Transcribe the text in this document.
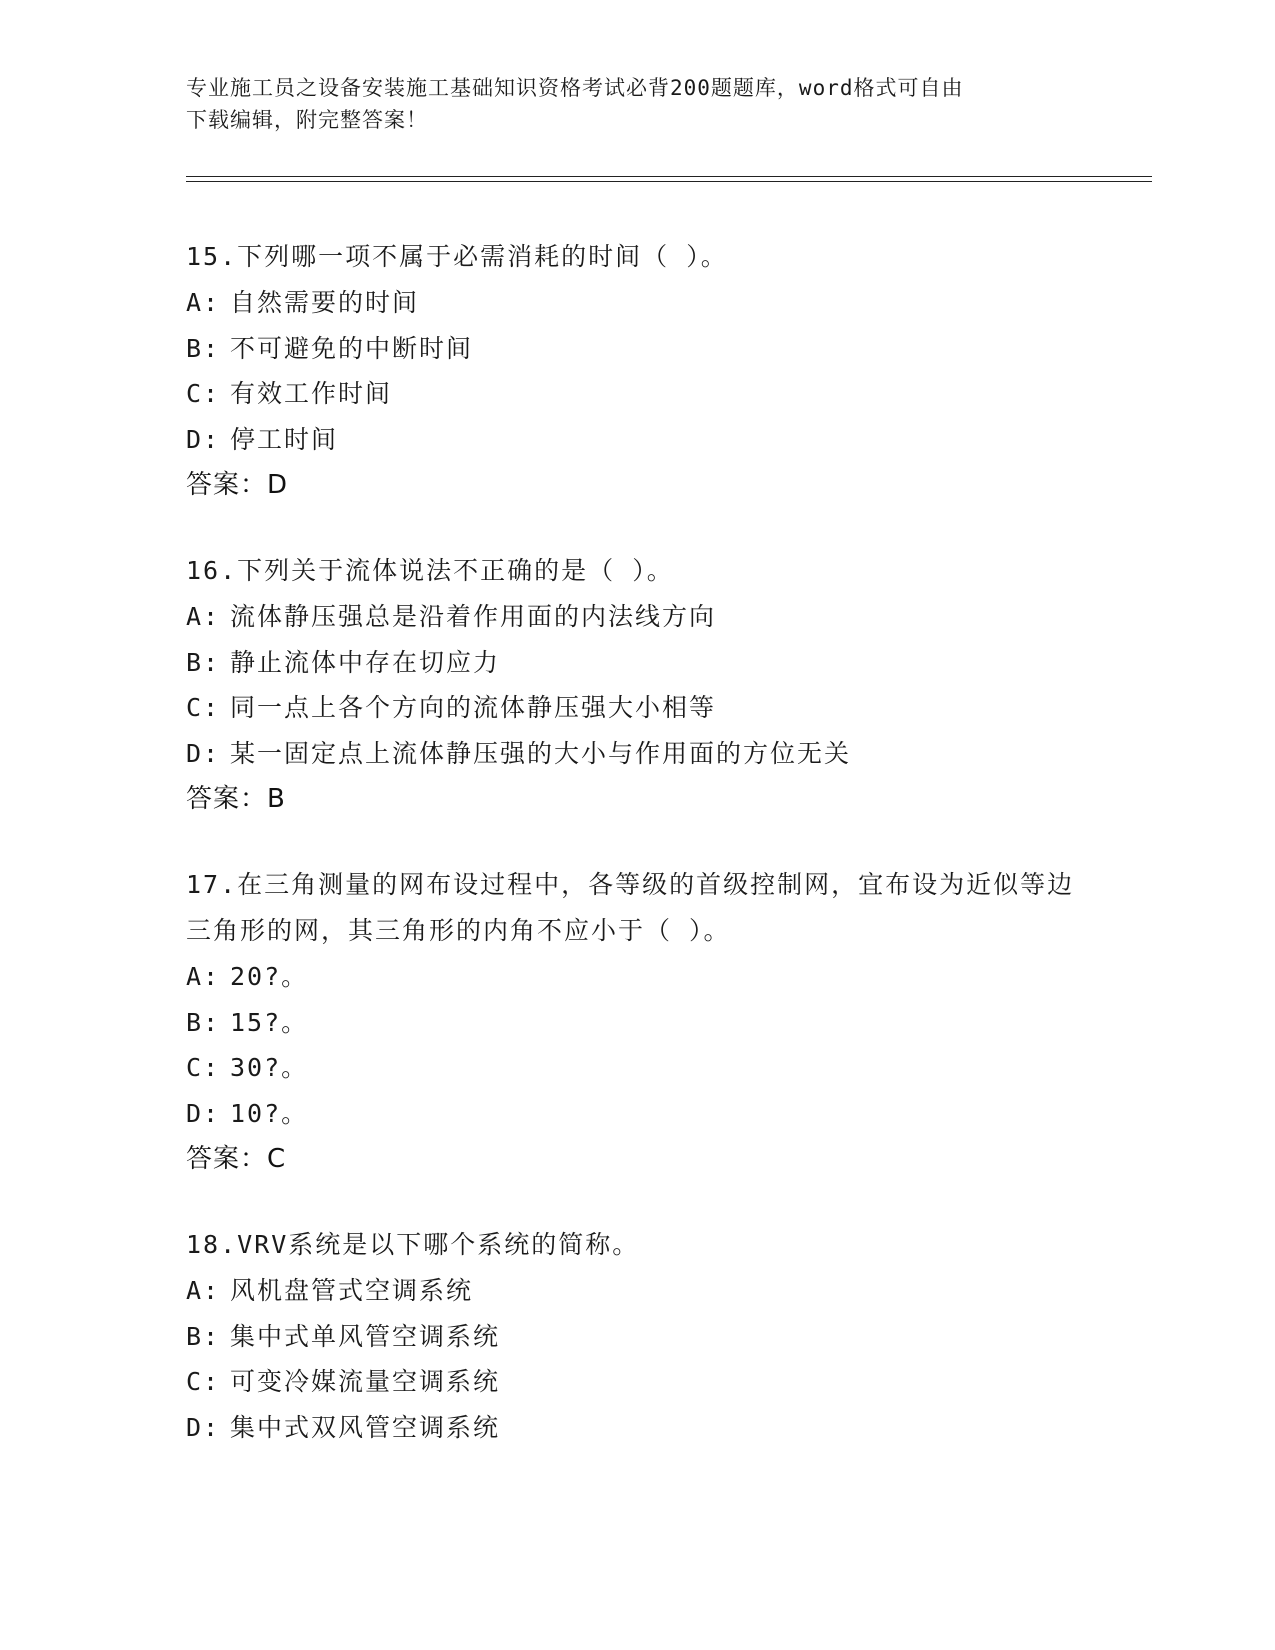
专业施工员之设备安装施工基础知识资格考试必背200题题库，word格式可自由
下载编辑，附完整答案！
15.下列哪一项不属于必需消耗的时间（ ）。
A: 自然需要的时间
B: 不可避免的中断时间
C: 有效工作时间
D: 停工时间
答案：D
16.下列关于流体说法不正确的是（ ）。
A: 流体静压强总是沿着作用面的内法线方向
B: 静止流体中存在切应力
C: 同一点上各个方向的流体静压强大小相等
D: 某一固定点上流体静压强的大小与作用面的方位无关
答案：B
17.在三角测量的网布设过程中，各等级的首级控制网，宜布设为近似等边三角形的网，其三角形的内角不应小于（ ）。
A: 20?。
B: 15?。
C: 30?。
D: 10?。
答案：C
18.VRV系统是以下哪个系统的简称。
A: 风机盘管式空调系统
B: 集中式单风管空调系统
C: 可变冷媒流量空调系统
D: 集中式双风管空调系统
